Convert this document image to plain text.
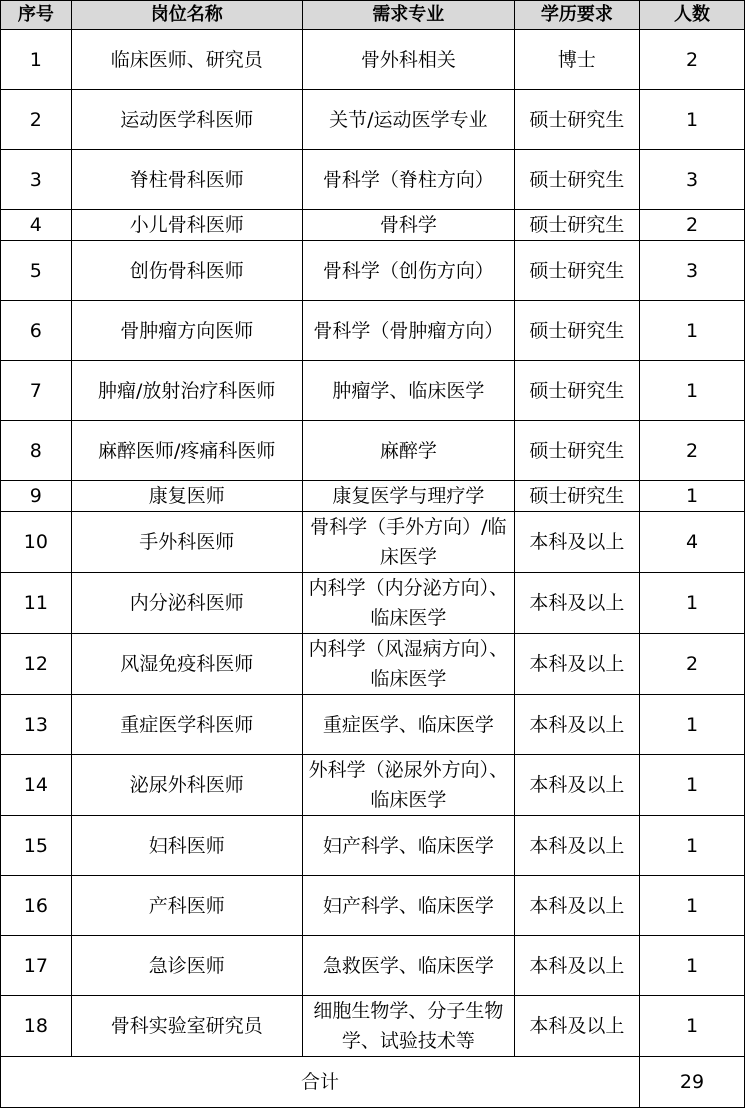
序号	岗位名称	需求专业	学历要求	人数
1	临床医师、研究员	骨外科相关	博士	2
2	运动医学科医师	关节/运动医学专业	硕士研究生	1
3	脊柱骨科医师	骨科学（脊柱方向）	硕士研究生	3
4	小儿骨科医师	骨科学	硕士研究生	2
5	创伤骨科医师	骨科学（创伤方向）	硕士研究生	3
6	骨肿瘤方向医师	骨科学（骨肿瘤方向）	硕士研究生	1
7	肿瘤/放射治疗科医师	肿瘤学、临床医学	硕士研究生	1
8	麻醉医师/疼痛科医师	麻醉学	硕士研究生	2
9	康复医师	康复医学与理疗学	硕士研究生	1
10	手外科医师	骨科学（手外方向）/临床医学	本科及以上	4
11	内分泌科医师	内科学（内分泌方向）、临床医学	本科及以上	1
12	风湿免疫科医师	内科学（风湿病方向）、临床医学	本科及以上	2
13	重症医学科医师	重症医学、临床医学	本科及以上	1
14	泌尿外科医师	外科学（泌尿外方向）、临床医学	本科及以上	1
15	妇科医师	妇产科学、临床医学	本科及以上	1
16	产科医师	妇产科学、临床医学	本科及以上	1
17	急诊医师	急救医学、临床医学	本科及以上	1
18	骨科实验室研究员	细胞生物学、分子生物学、试验技术等	本科及以上	1
合计				29
